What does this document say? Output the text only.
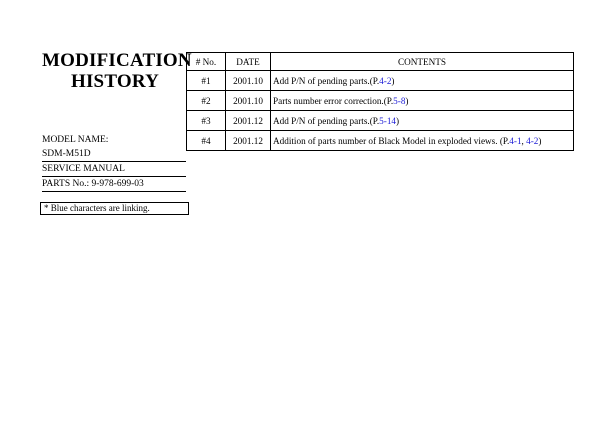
MODIFICATION
HISTORY
MODEL NAME:
SDM-M51D
SERVICE MANUAL
PARTS No.: 9-978-699-03
* Blue characters are linking.
# No.	DATE	CONTENTS
#1	2001.10	Add P/N of pending parts.(P.4-2)
#2	2001.10	Parts number error correction.(P.5-8)
#3	2001.12	Add P/N of pending parts.(P.5-14)
#4	2001.12	Addition of parts number of Black Model in exploded views. (P.4-1, 4-2)
